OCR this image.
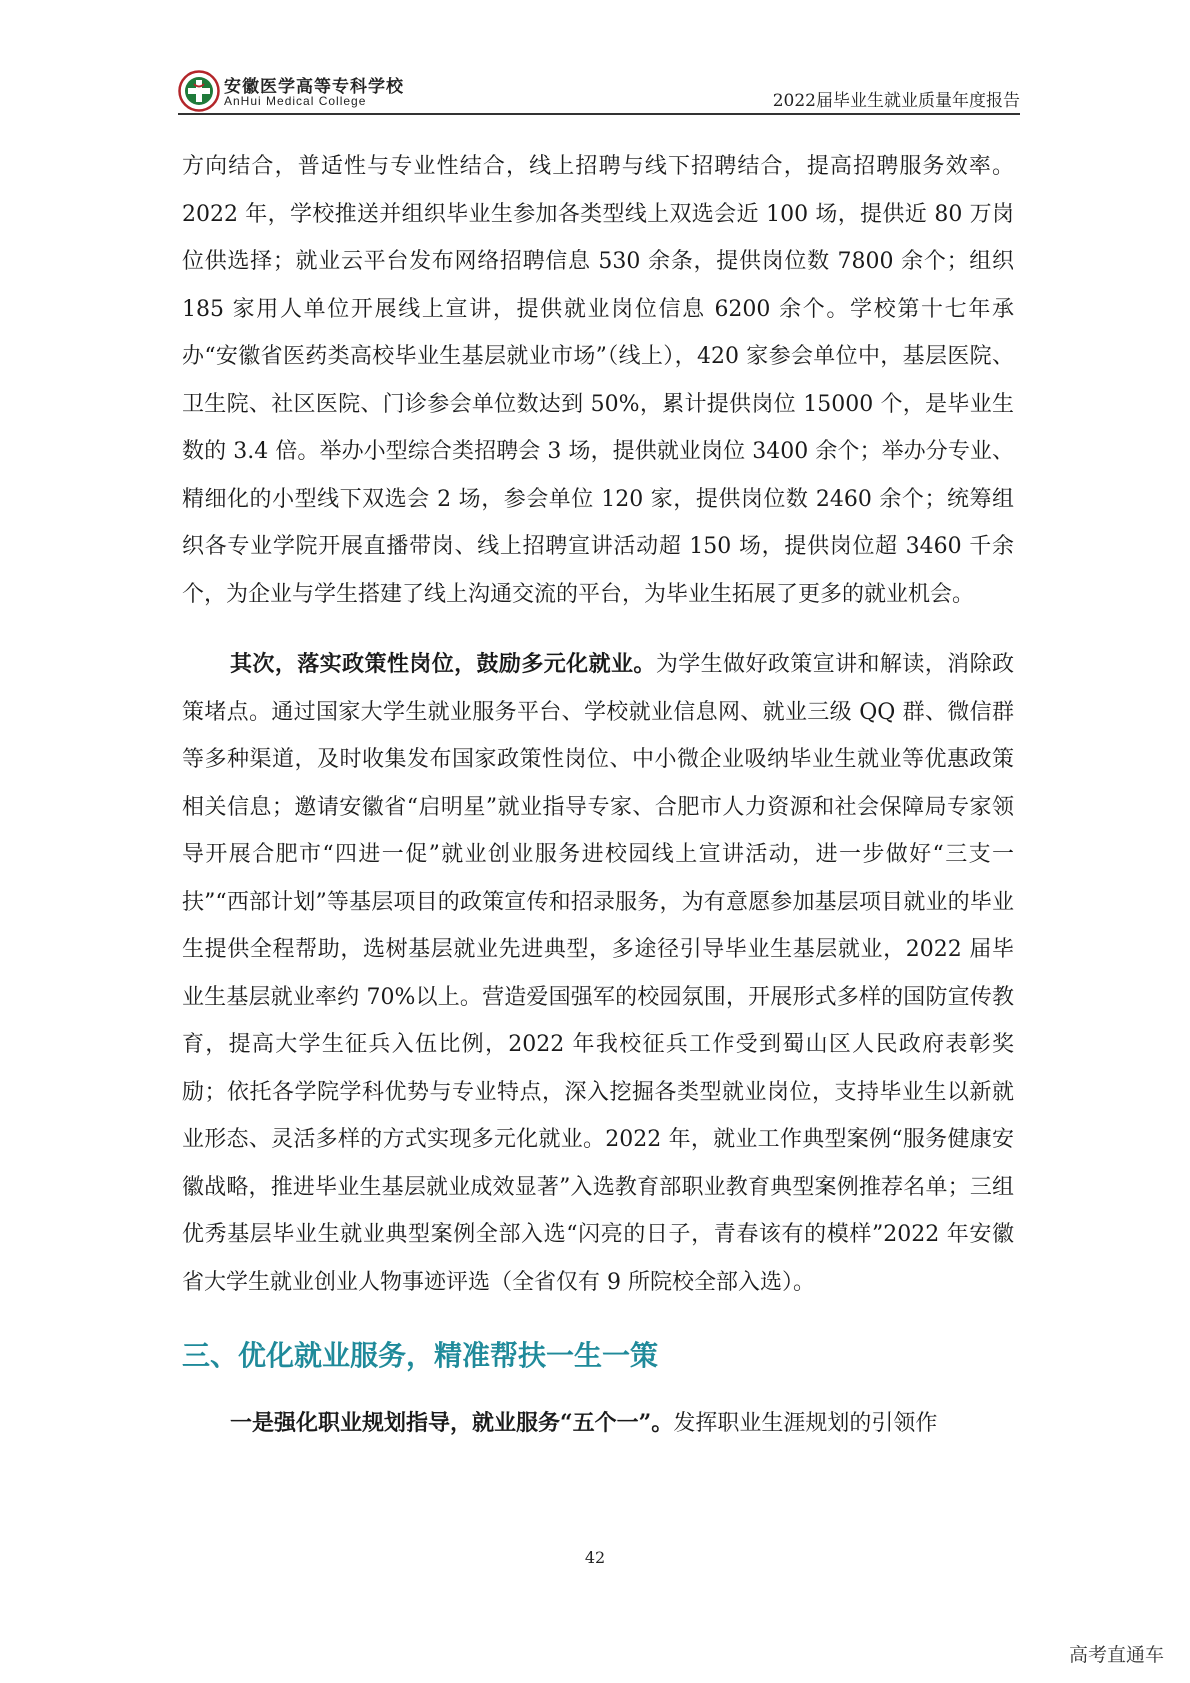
安徽医学高等专科学校
AnHui Medical College	2022届毕业生就业质量年度报告

方向结合，普适性与专业性结合，线上招聘与线下招聘结合，提高招聘服务效率。2022 年，学校推送并组织毕业生参加各类型线上双选会近 100 场，提供近 80 万岗位供选择；就业云平台发布网络招聘信息 530 余条，提供岗位数 7800 余个；组织 185 家用人单位开展线上宣讲，提供就业岗位信息 6200 余个。学校第十七年承办“安徽省医药类高校毕业生基层就业市场”（线上），420 家参会单位中，基层医院、卫生院、社区医院、门诊参会单位数达到 50%，累计提供岗位 15000 个，是毕业生数的 3.4 倍。举办小型综合类招聘会 3 场，提供就业岗位 3400 余个；举办分专业、精细化的小型线下双选会 2 场，参会单位 120 家，提供岗位数 2460 余个；统筹组织各专业学院开展直播带岗、线上招聘宣讲活动超 150 场，提供岗位超 3460 千余个，为企业与学生搭建了线上沟通交流的平台，为毕业生拓展了更多的就业机会。

其次，落实政策性岗位，鼓励多元化就业。为学生做好政策宣讲和解读，消除政策堵点。通过国家大学生就业服务平台、学校就业信息网、就业三级 QQ 群、微信群等多种渠道，及时收集发布国家政策性岗位、中小微企业吸纳毕业生就业等优惠政策相关信息；邀请安徽省“启明星”就业指导专家、合肥市人力资源和社会保障局专家领导开展合肥市“四进一促”就业创业服务进校园线上宣讲活动，进一步做好“三支一扶”“西部计划”等基层项目的政策宣传和招录服务，为有意愿参加基层项目就业的毕业生提供全程帮助，选树基层就业先进典型，多途径引导毕业生基层就业，2022 届毕业生基层就业率约 70%以上。营造爱国强军的校园氛围，开展形式多样的国防宣传教育，提高大学生征兵入伍比例，2022 年我校征兵工作受到蜀山区人民政府表彰奖励；依托各学院学科优势与专业特点，深入挖掘各类型就业岗位，支持毕业生以新就业形态、灵活多样的方式实现多元化就业。2022 年，就业工作典型案例“服务健康安徽战略，推进毕业生基层就业成效显著”入选教育部职业教育典型案例推荐名单；三组优秀基层毕业生就业典型案例全部入选“闪亮的日子，青春该有的模样”2022 年安徽省大学生就业创业人物事迹评选（全省仅有 9 所院校全部入选）。

三、优化就业服务，精准帮扶一生一策

一是强化职业规划指导，就业服务“五个一”。发挥职业生涯规划的引领作

42
高考直通车
